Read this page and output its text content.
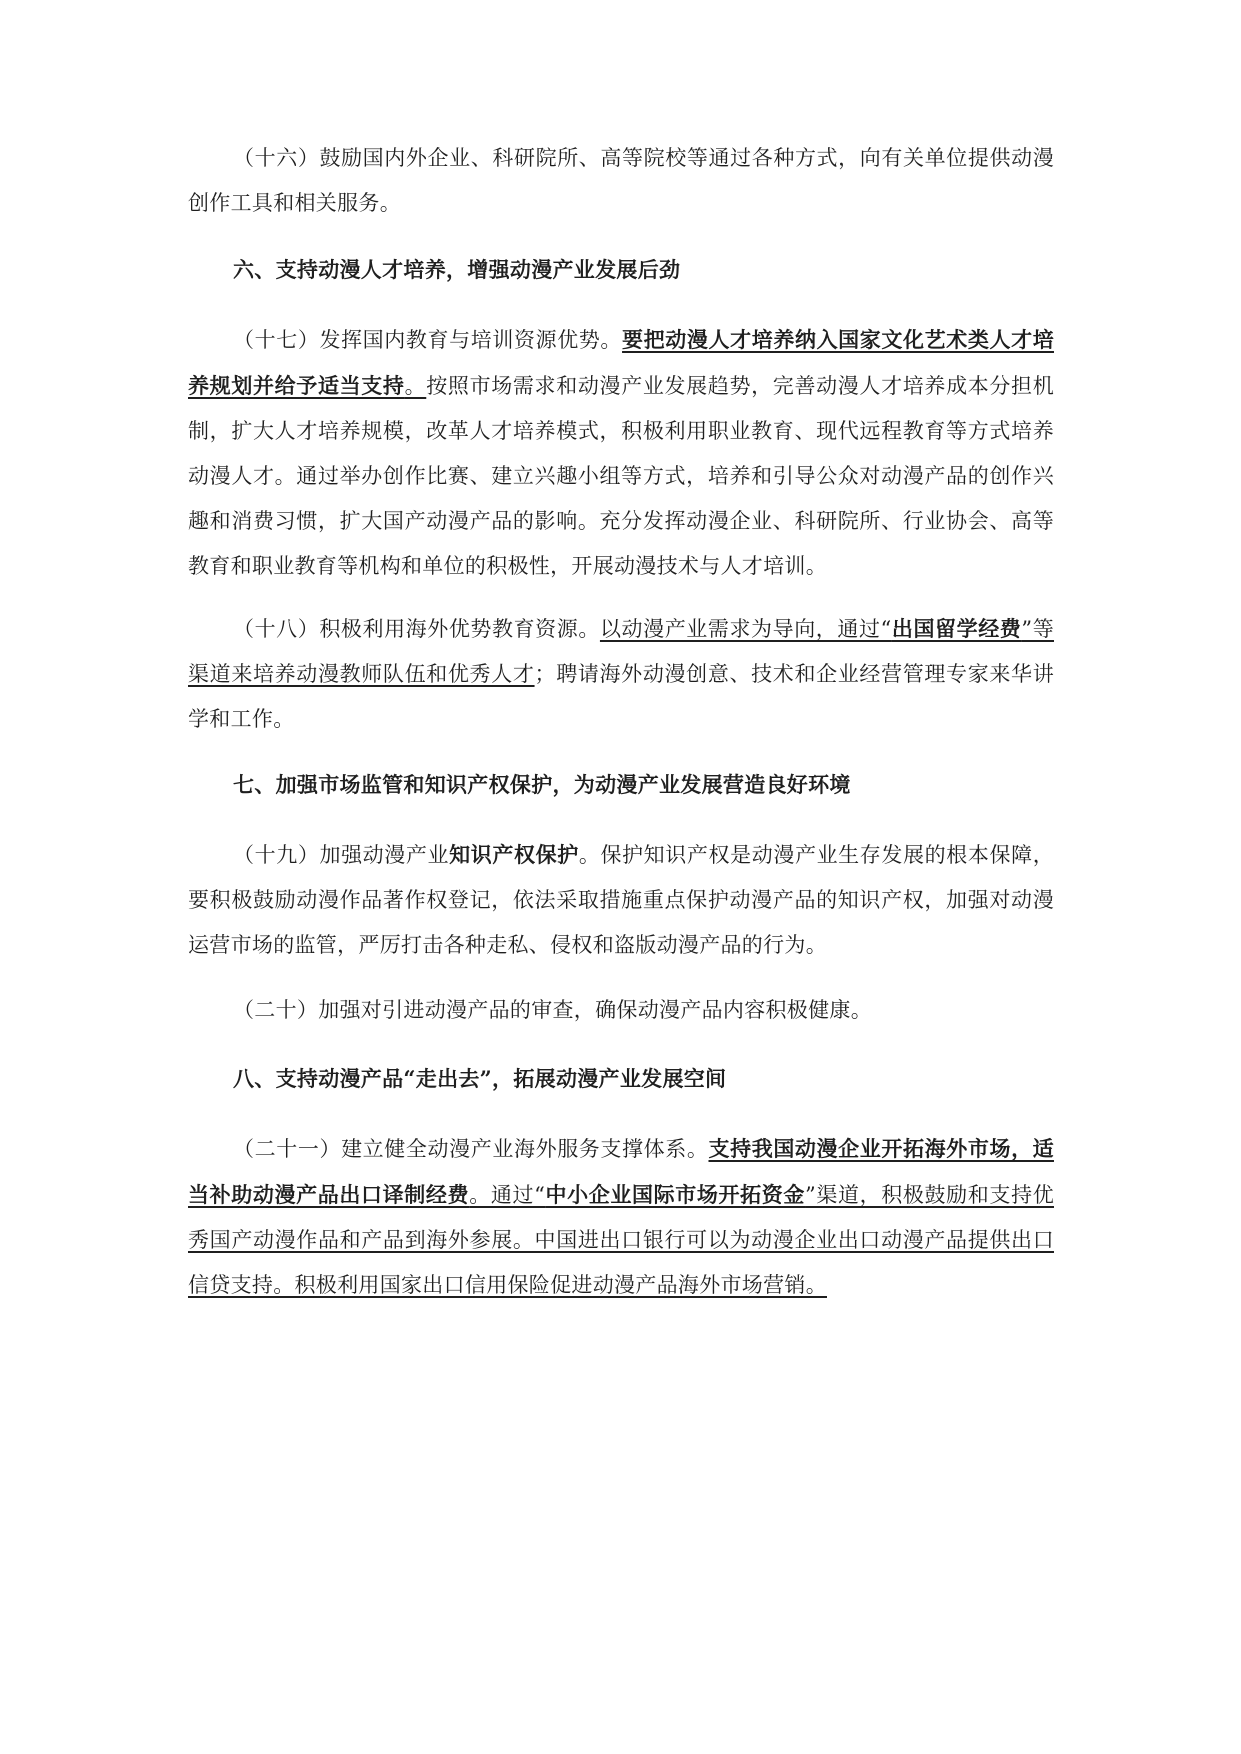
（十六）鼓励国内外企业、科研院所、高等院校等通过各种方式，向有关单位提供动漫创作工具和相关服务。

六、支持动漫人才培养，增强动漫产业发展后劲

（十七）发挥国内教育与培训资源优势。要把动漫人才培养纳入国家文化艺术类人才培养规划并给予适当支持。按照市场需求和动漫产业发展趋势，完善动漫人才培养成本分担机制，扩大人才培养规模，改革人才培养模式，积极利用职业教育、现代远程教育等方式培养动漫人才。通过举办创作比赛、建立兴趣小组等方式，培养和引导公众对动漫产品的创作兴趣和消费习惯，扩大国产动漫产品的影响。充分发挥动漫企业、科研院所、行业协会、高等教育和职业教育等机构和单位的积极性，开展动漫技术与人才培训。

（十八）积极利用海外优势教育资源。以动漫产业需求为导向，通过“出国留学经费”等渠道来培养动漫教师队伍和优秀人才；聘请海外动漫创意、技术和企业经营管理专家来华讲学和工作。

七、加强市场监管和知识产权保护，为动漫产业发展营造良好环境

（十九）加强动漫产业知识产权保护。保护知识产权是动漫产业生存发展的根本保障，要积极鼓励动漫作品著作权登记，依法采取措施重点保护动漫产品的知识产权，加强对动漫运营市场的监管，严厉打击各种走私、侵权和盗版动漫产品的行为。

（二十）加强对引进动漫产品的审查，确保动漫产品内容积极健康。

八、支持动漫产品“走出去”，拓展动漫产业发展空间

（二十一）建立健全动漫产业海外服务支撑体系。支持我国动漫企业开拓海外市场，适当补助动漫产品出口译制经费。通过“中小企业国际市场开拓资金”渠道，积极鼓励和支持优秀国产动漫作品和产品到海外参展。中国进出口银行可以为动漫企业出口动漫产品提供出口信贷支持。积极利用国家出口信用保险促进动漫产品海外市场营销。
